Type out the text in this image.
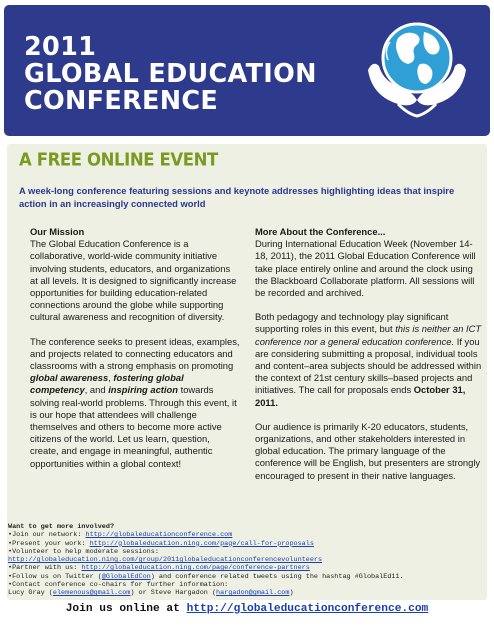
2011
GLOBAL EDUCATION
CONFERENCE
A FREE ONLINE EVENT
A week-long conference featuring sessions and keynote addresses highlighting ideas that inspire action in an increasingly connected world
Our Mission

The Global Education Conference is a collaborative, world-wide community initiative involving students, educators, and organizations at all levels. It is designed to significantly increase opportunities for building education-related connections around the globe while supporting cultural awareness and recognition of diversity.

The conference seeks to present ideas, examples, and projects related to connecting educators and classrooms with a strong emphasis on promoting global awareness, fostering global competency, and inspiring action towards solving real-world problems. Through this event, it is our hope that attendees will challenge themselves and others to become more active citizens of the world. Let us learn, question, create, and engage in meaningful, authentic opportunities within a global context!

More About the Conference...

During International Education Week (November 14-18, 2011), the 2011 Global Education Conference will take place entirely online and around the clock using the Blackboard Collaborate platform. All sessions will be recorded and archived.

Both pedagogy and technology play significant supporting roles in this event, but this is neither an ICT conference nor a general education conference. If you are considering submitting a proposal, individual tools and content–area subjects should be addressed within the context of 21st century skills–based projects and initiatives. The call for proposals ends October 31, 2011.

Our audience is primarily K-20 educators, students, organizations, and other stakeholders interested in global education. The primary language of the conference will be English, but presenters are strongly encouraged to present in their native languages.

Want to get more involved?
•Join our network: http://globaleducationconference.com
•Present your work: http://globaleducation.ning.com/page/call-for-proposals
•Volunteer to help moderate sessions:
http://globaleducation.ning.com/group/2011globaleducationconferencevolunteers
•Partner with us: http://globaleducation.ning.com/page/conference-partners
•Follow us on Twitter (@GlobalEdCon) and conference related tweets using the hashtag #GlobalEd11.
•Contact conference co-chairs for further information:
Lucy Gray (elemenous@gmail.com) or Steve Hargadon (hargadon@gmail.com)
Join us online at http://globaleducationconference.com
